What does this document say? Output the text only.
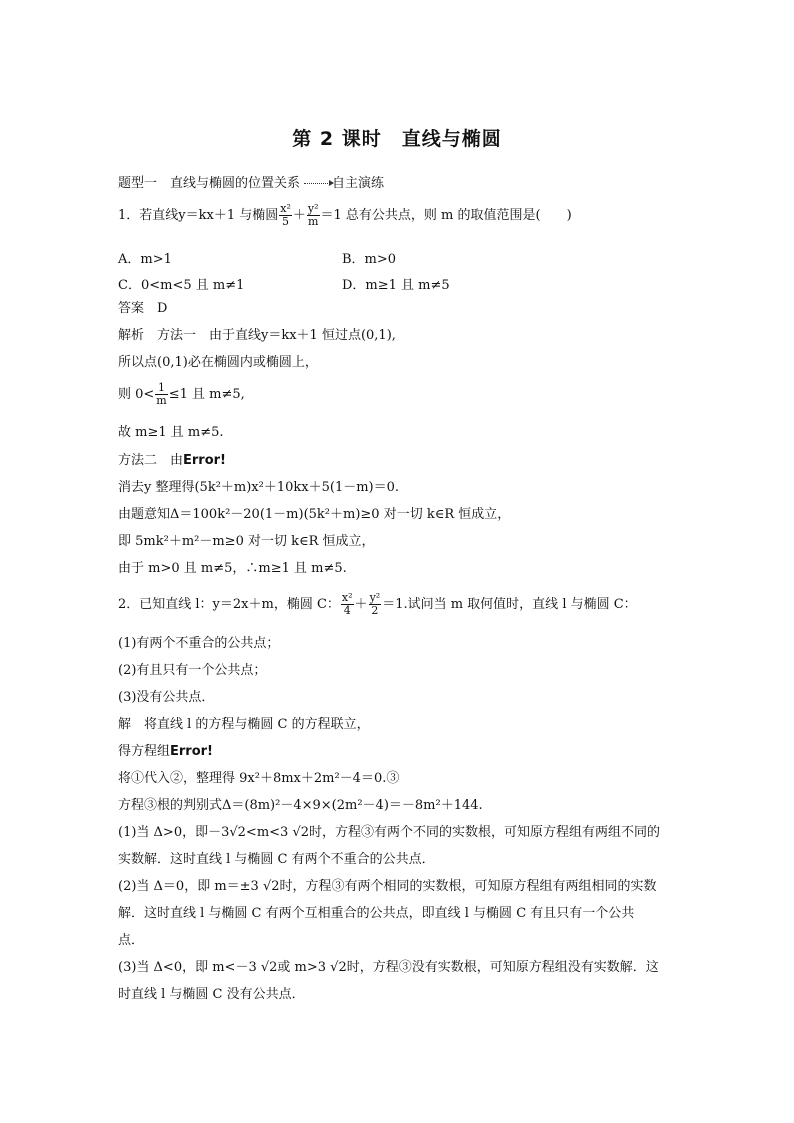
第 2 课时　直线与椭圆
题型一　直线与椭圆的位置关系 自主演练
1．若直线y＝kx＋1 与椭圆 $\frac{\text{x²}}{5} + \frac{\text{y²}}{m} =1$ 总有公共点，则 m 的取值范围是(　　)
A．m>1	B．m>0
C．0<m<5 且 m≠1	D．m≥1 且 m≠5
答案　D
解析　方法一　由于直线y＝kx＋1 恒过点(0,1),
所以点(0,1)必在椭圆内或椭圆上，
则 $0< \frac{1}{m} \le 1$ 且 m≠5,
故 m≥1 且 m≠5.
方法二　由Error!
消去y 整理得(5k²＋m)x²＋10kx＋5(1－m)＝0.
由题意知Δ＝100k²－20(1－m)(5k²＋m)≥0 对一切 k∈R 恒成立，
即 5mk²＋m²－m≥0 对一切 k∈R 恒成立，
由于 m>0 且 m≠5，∴m≥1 且 m≠5.
2．已知直线 l：y＝2x＋m，椭圆 C： $\frac{\text{x²}}{4} + \frac{\text{y²}}{2} =1$.试问当 m 取何值时，直线 l 与椭圆 C：
(1)有两个不重合的公共点；
(2)有且只有一个公共点；
(3)没有公共点．
解　将直线 l 的方程与椭圆 C 的方程联立，
得方程组Error!
将①代入②，整理得 9x²＋8mx＋2m²－4＝0.③
方程③根的判别式Δ＝(8m)²－4×9×(2m²－4)＝－8m²＋144.
(1)当 Δ>0，即－3√2<m<3 √2时，方程③有两个不同的实数根，可知原方程组有两组不同的
实数解．这时直线 l 与椭圆 C 有两个不重合的公共点．
(2)当 Δ＝0，即 m＝±3 √2时，方程③有两个相同的实数根，可知原方程组有两组相同的实数
解．这时直线 l 与椭圆 C 有两个互相重合的公共点，即直线 l 与椭圆 C 有且只有一个公共
点．
(3)当 Δ<0，即 m<－3 √2或 m>3 √2时，方程③没有实数根，可知原方程组没有实数解．这
时直线 l 与椭圆 C 没有公共点．
